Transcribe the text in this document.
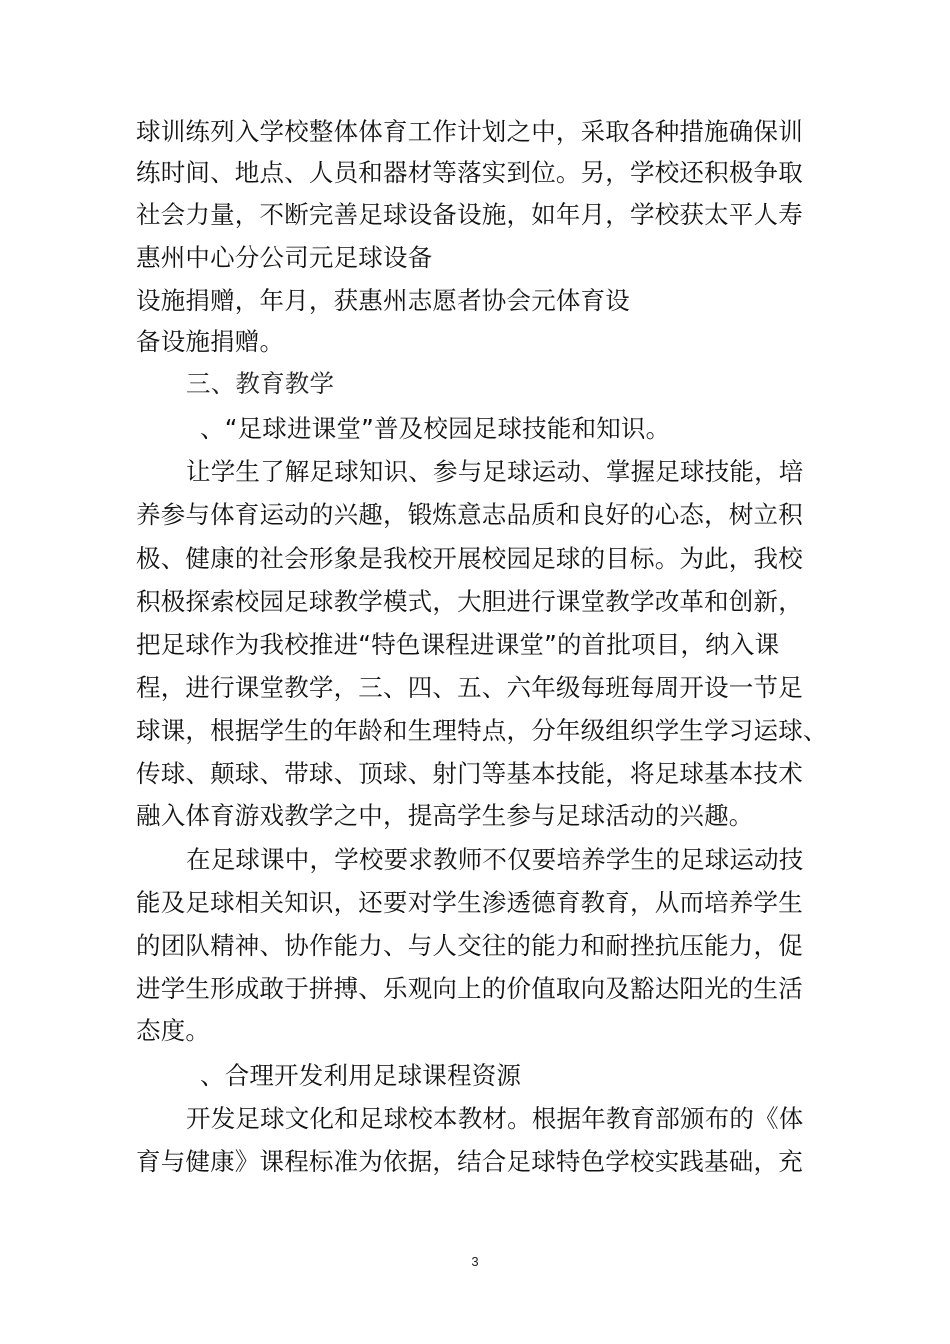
球训练列入学校整体体育工作计划之中，采取各种措施确保训
练时间、地点、人员和器材等落实到位。另，学校还积极争取
社会力量，不断完善足球设备设施，如年月，学校获太平人寿
惠州中心分公司元足球设备
设施捐赠，年月，获惠州志愿者协会元体育设
备设施捐赠。
三、教育教学
、“足球进课堂”普及校园足球技能和知识。
让学生了解足球知识、参与足球运动、掌握足球技能，培
养参与体育运动的兴趣，锻炼意志品质和良好的心态，树立积
极、健康的社会形象是我校开展校园足球的目标。为此，我校
积极探索校园足球教学模式，大胆进行课堂教学改革和创新，
把足球作为我校推进“特色课程进课堂”的首批项目，纳入课
程，进行课堂教学，三、四、五、六年级每班每周开设一节足
球课，根据学生的年龄和生理特点，分年级组织学生学习运球、
传球、颠球、带球、顶球、射门等基本技能，将足球基本技术
融入体育游戏教学之中，提高学生参与足球活动的兴趣。
在足球课中，学校要求教师不仅要培养学生的足球运动技
能及足球相关知识，还要对学生渗透德育教育，从而培养学生
的团队精神、协作能力、与人交往的能力和耐挫抗压能力，促
进学生形成敢于拼搏、乐观向上的价值取向及豁达阳光的生活
态度。
、合理开发利用足球课程资源
开发足球文化和足球校本教材。根据年教育部颁布的《体
育与健康》课程标准为依据，结合足球特色学校实践基础，充
3
